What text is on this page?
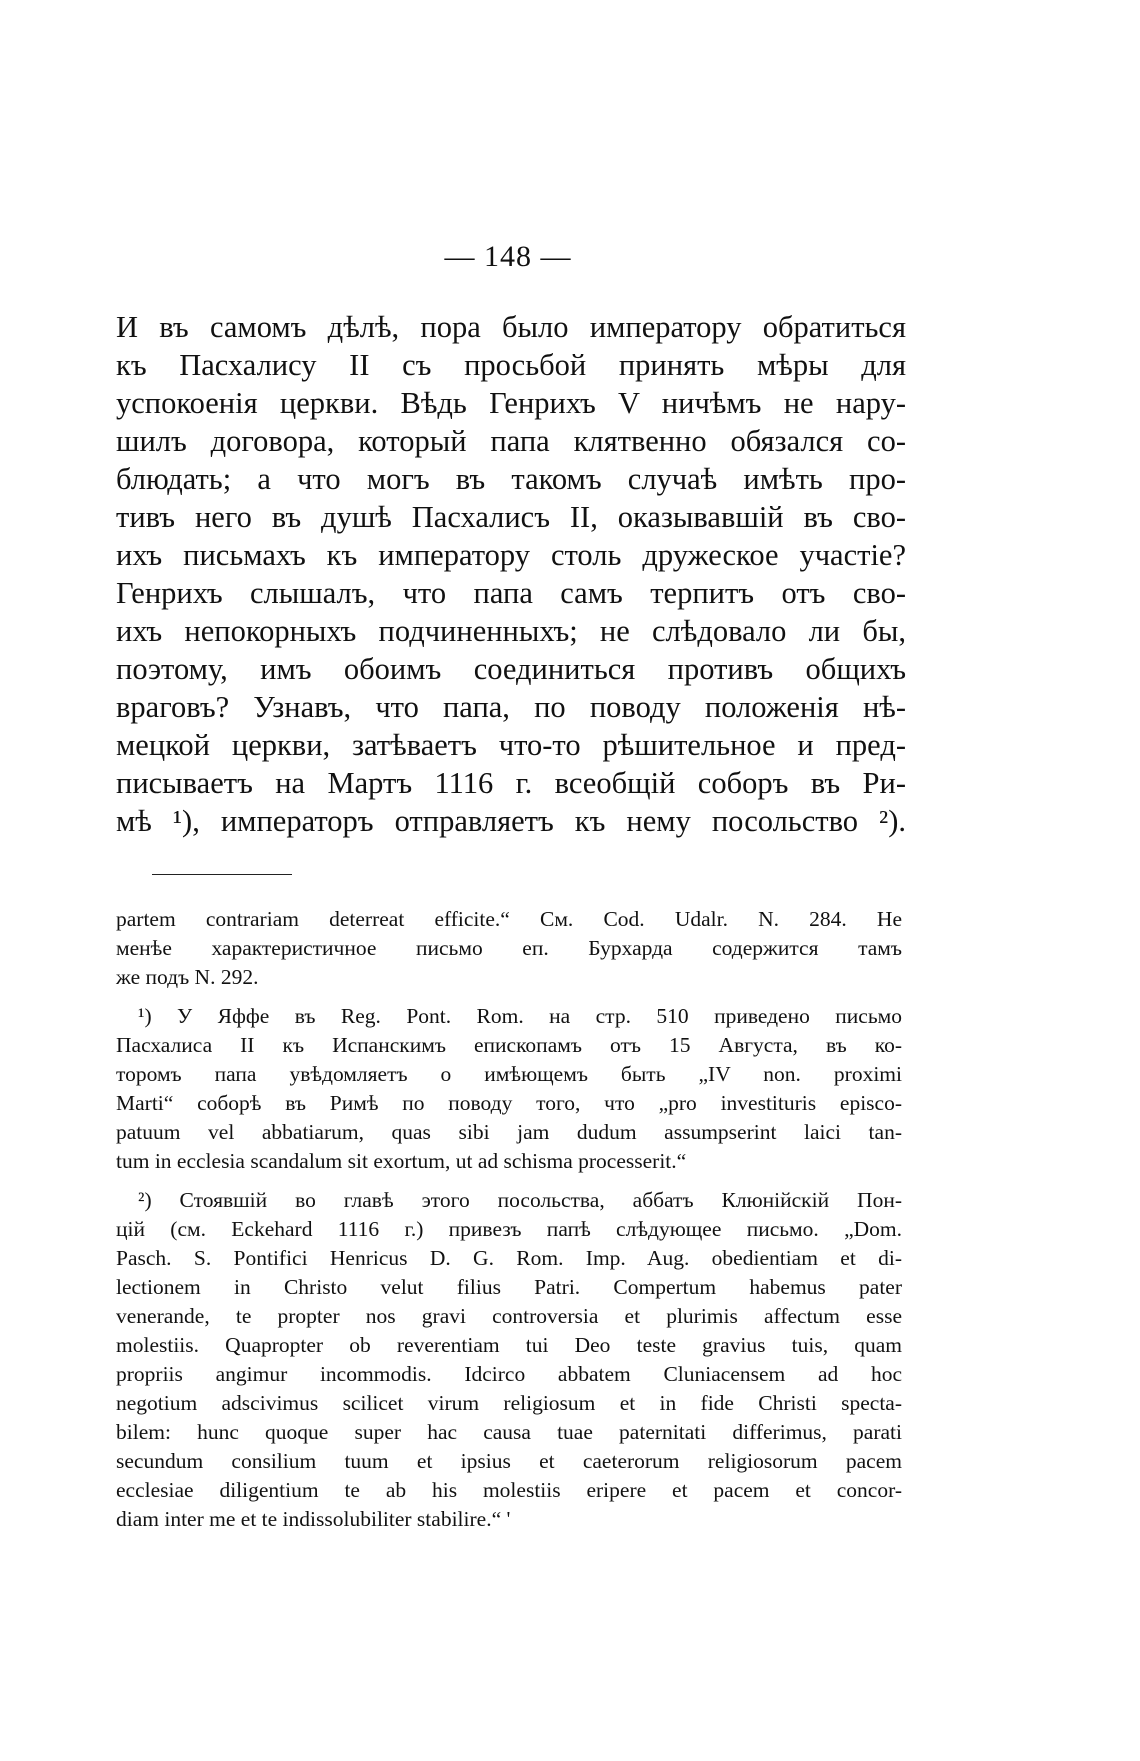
— 148 —
И въ самомъ дѣлѣ, пора было императору обратиться
къ Пасхалису II съ просьбой принять мѣры для
успокоенія церкви. Вѣдь Генрихъ V ничѣмъ не нару-
шилъ договора, который папа клятвенно обязался со-
блюдать; а что могъ въ такомъ случаѣ имѣть про-
тивъ него въ душѣ Пасхалисъ II, оказывавшій въ сво-
ихъ письмахъ къ императору столь дружеское участіе?
Генрихъ слышалъ, что папа самъ терпитъ отъ сво-
ихъ непокорныхъ подчиненныхъ; не слѣдовало ли бы,
поэтому, имъ обоимъ соединиться противъ общихъ
враговъ? Узнавъ, что папа, по поводу положенія нѣ-
мецкой церкви, затѣваетъ что-то рѣшительное и пред-
писываетъ на Мартъ 1116 г. всеобщій соборъ въ Ри-
мѣ ¹), императоръ отправляетъ къ нему посольство ²).
partem contrariam deterreat efficite.“ См. Cod. Udalr. N. 284. Не
менѣе характеристичное письмо еп. Бурхарда содержится тамъ
же подъ N. 292.
¹) У Яффе въ Reg. Pont. Rom. на стр. 510 приведено письмо
Пасхалиса II къ Испанскимъ епископамъ отъ 15 Августа, въ ко-
торомъ папа увѣдомляетъ о имѣющемъ быть „IV non. proximi
Marti“ соборѣ въ Римѣ по поводу того, что „pro investituris episco-
patuum vel abbatiarum, quas sibi jam dudum assumpserint laici tan-
tum in ecclesia scandalum sit exortum, ut ad schisma processerit.“
²) Стоявшій во главѣ этого посольства, аббатъ Клюнійскій Пон-
цій (см. Eckehard 1116 г.) привезъ папѣ слѣдующее письмо. „Dom.
Pasch. S. Pontifici Henricus D. G. Rom. Imp. Aug. obedientiam et di-
lectionem in Christo velut filius Patri. Compertum habemus pater
venerande, te propter nos gravi controversia et plurimis affectum esse
molestiis. Quapropter ob reverentiam tui Deo teste gravius tuis, quam
propriis angimur incommodis. Idcirco abbatem Cluniacensem ad hoc
negotium adscivimus scilicet virum religiosum et in fide Christi specta-
bilem: hunc quoque super hac causa tuae paternitati differimus, parati
secundum consilium tuum et ipsius et caeterorum religiosorum pacem
ecclesiae diligentium te ab his molestiis eripere et pacem et concor-
diam inter me et te indissolubiliter stabilire.“ '
